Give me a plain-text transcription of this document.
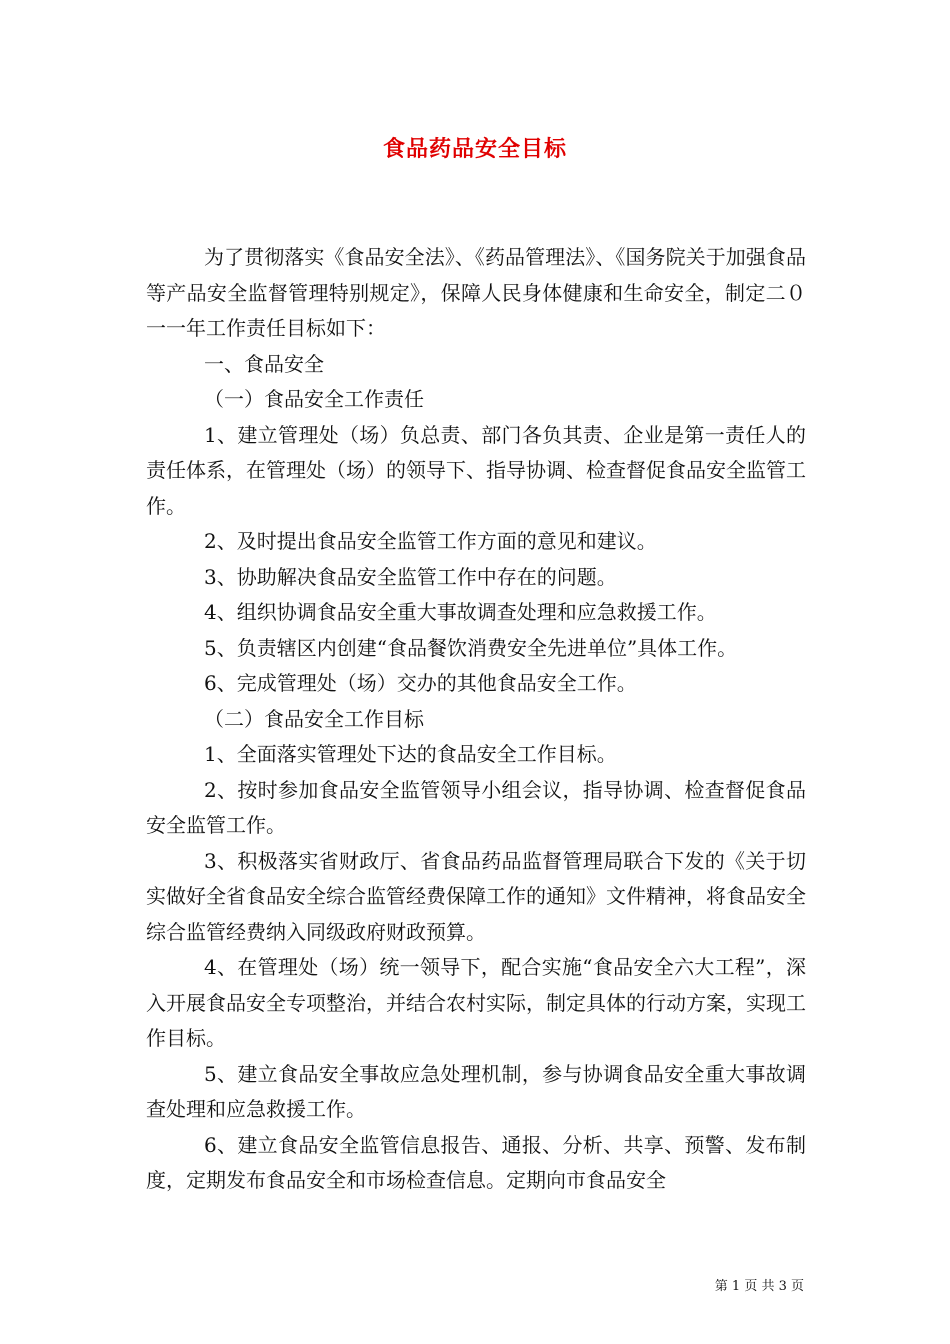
食品药品安全目标

为了贯彻落实《食品安全法》、《药品管理法》、《国务院关于加强食品等产品安全监督管理特别规定》，保障人民身体健康和生命安全，制定二０一一年工作责任目标如下：

一、食品安全

（一）食品安全工作责任

1、建立管理处（场）负总责、部门各负其责、企业是第一责任人的责任体系，在管理处（场）的领导下、指导协调、检查督促食品安全监管工作。

2、及时提出食品安全监管工作方面的意见和建议。

3、协助解决食品安全监管工作中存在的问题。

4、组织协调食品安全重大事故调查处理和应急救援工作。

5、负责辖区内创建“食品餐饮消费安全先进单位”具体工作。

6、完成管理处（场）交办的其他食品安全工作。

（二）食品安全工作目标

1、全面落实管理处下达的食品安全工作目标。

2、按时参加食品安全监管领导小组会议，指导协调、检查督促食品安全监管工作。

3、积极落实省财政厅、省食品药品监督管理局联合下发的《关于切实做好全省食品安全综合监管经费保障工作的通知》文件精神，将食品安全综合监管经费纳入同级政府财政预算。

4、在管理处（场）统一领导下，配合实施“食品安全六大工程”，深入开展食品安全专项整治，并结合农村实际，制定具体的行动方案，实现工作目标。

5、建立食品安全事故应急处理机制，参与协调食品安全重大事故调查处理和应急救援工作。

6、建立食品安全监管信息报告、通报、分析、共享、预警、发布制度，定期发布食品安全和市场检查信息。定期向市食品安全

第 1 页 共 3 页
